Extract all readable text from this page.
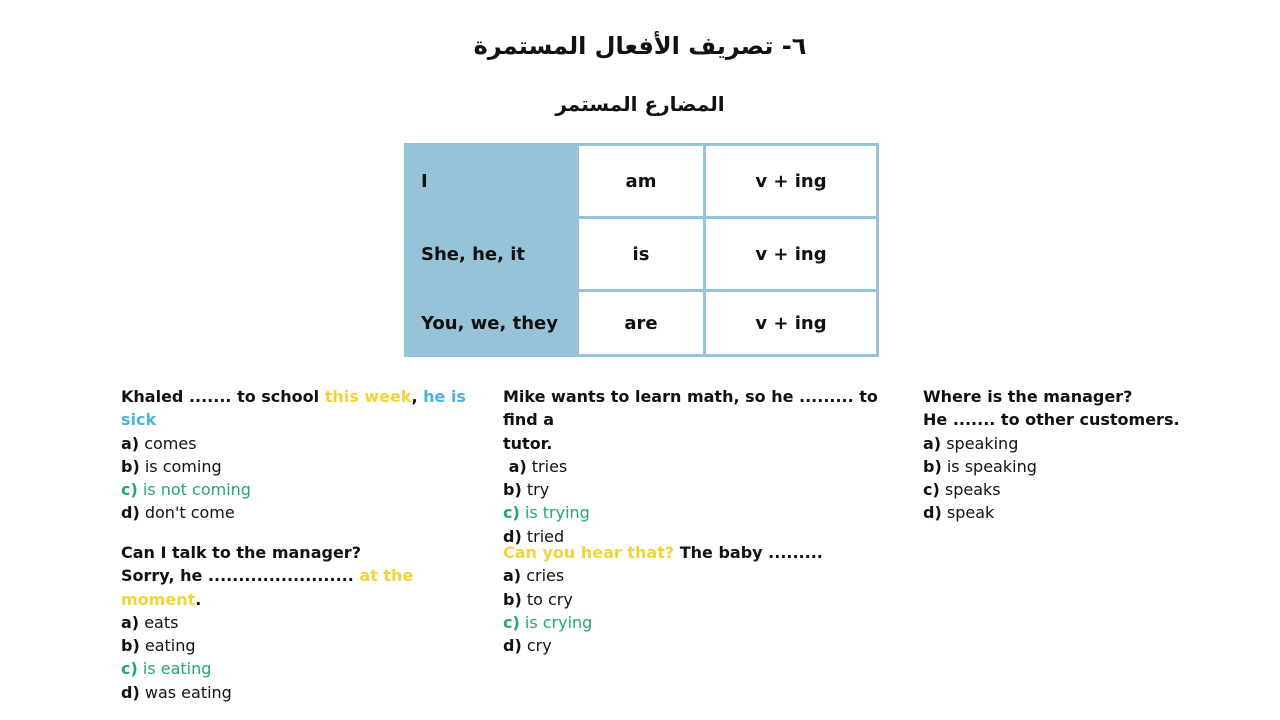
٦- تصريف الأفعال المستمرة
المضارع المستمر
I	am	v + ing
She, he, it	is	v + ing
You, we, they	are	v + ing
Khaled ....... to school this week, he is sick
a) comes
b) is coming
c) is not coming
d) don't come
Mike wants to learn math, so he ......... to find a
tutor.
a) tries
b) try
c) is trying
d) tried
Where is the manager?
He ....... to other customers.
a) speaking
b) is speaking
c) speaks
d) speak
Can I talk to the manager?
Sorry, he ........................ at the moment.
a) eats
b) eating
c) is eating
d) was eating
Can you hear that? The baby .........
a) cries
b) to cry
c) is crying
d) cry
